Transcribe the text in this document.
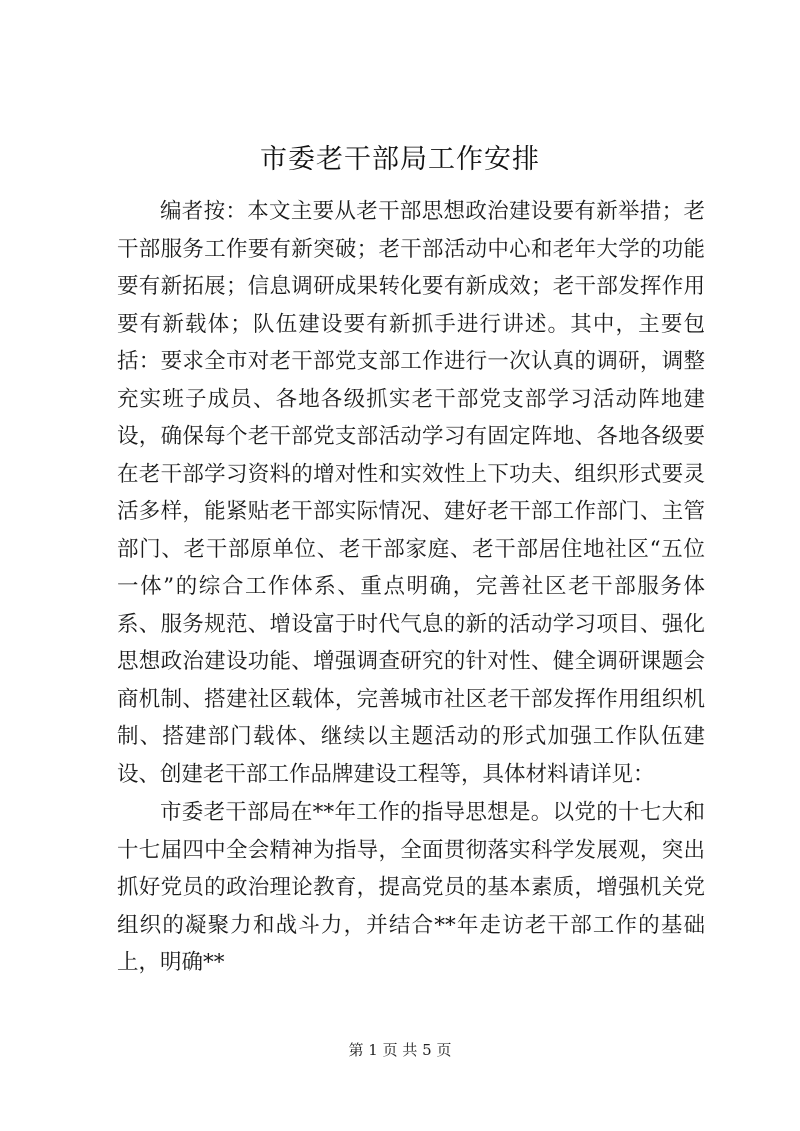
市委老干部局工作安排

编者按：本文主要从老干部思想政治建设要有新举措；老干部服务工作要有新突破；老干部活动中心和老年大学的功能要有新拓展；信息调研成果转化要有新成效；老干部发挥作用要有新载体；队伍建设要有新抓手进行讲述。其中，主要包括：要求全市对老干部党支部工作进行一次认真的调研，调整充实班子成员、各地各级抓实老干部党支部学习活动阵地建设，确保每个老干部党支部活动学习有固定阵地、各地各级要在老干部学习资料的增对性和实效性上下功夫、组织形式要灵活多样，能紧贴老干部实际情况、建好老干部工作部门、主管部门、老干部原单位、老干部家庭、老干部居住地社区“五位一体”的综合工作体系、重点明确，完善社区老干部服务体系、服务规范、增设富于时代气息的新的活动学习项目、强化思想政治建设功能、增强调查研究的针对性、健全调研课题会商机制、搭建社区载体，完善城市社区老干部发挥作用组织机制、搭建部门载体、继续以主题活动的形式加强工作队伍建设、创建老干部工作品牌建设工程等，具体材料请详见：

市委老干部局在**年工作的指导思想是。以党的十七大和十七届四中全会精神为指导，全面贯彻落实科学发展观，突出抓好党员的政治理论教育，提高党员的基本素质，增强机关党组织的凝聚力和战斗力，并结合**年走访老干部工作的基础上，明确**

第 1 页 共 5 页
